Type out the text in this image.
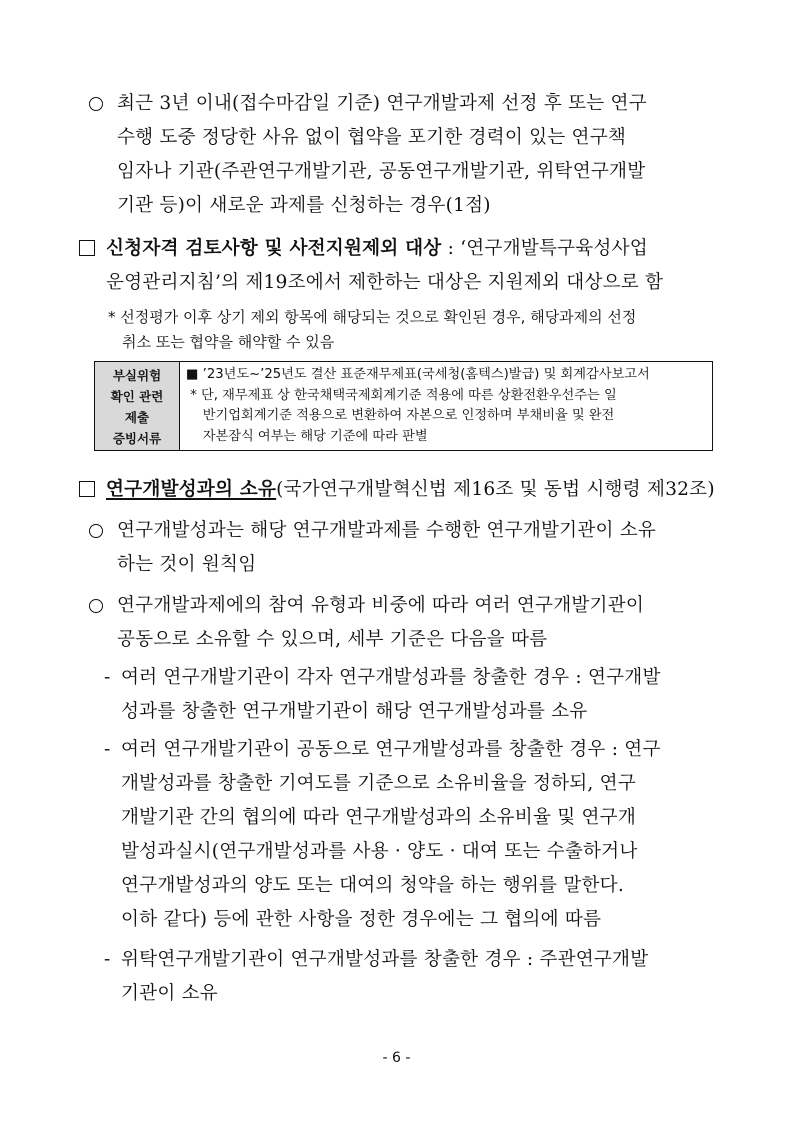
최근 3년 이내(접수마감일 기준) 연구개발과제 선정 후 또는 연구
수행 도중 정당한 사유 없이 협약을 포기한 경력이 있는 연구책
임자나 기관(주관연구개발기관, 공동연구개발기관, 위탁연구개발
기관 등)이 새로운 과제를 신청하는 경우(1점)
신청자격 검토사항 및 사전지원제외 대상 : ‘연구개발특구육성사업
운영관리지침’의 제19조에서 제한하는 대상은 지원제외 대상으로 함
* 선정평가 이후 상기 제외 항목에 해당되는 것으로 확인된 경우, 해당과제의 선정
취소 또는 협약을 해약할 수 있음
부실위험
확인 관련
제출
증빙서류
■ ’23년도~’25년도 결산 표준재무제표(국세청(홈텍스)발급) 및 회계감사보고서
* 단, 재무제표 상 한국채택국제회계기준 적용에 따른 상환전환우선주는 일
반기업회계기준 적용으로 변환하여 자본으로 인정하며 부채비율 및 완전
자본잠식 여부는 해당 기준에 따라 판별
연구개발성과의 소유(국가연구개발혁신법 제16조 및 동법 시행령 제32조)
연구개발성과는 해당 연구개발과제를 수행한 연구개발기관이 소유
하는 것이 원칙임
연구개발과제에의 참여 유형과 비중에 따라 여러 연구개발기관이
공동으로 소유할 수 있으며, 세부 기준은 다음을 따름
- 여러 연구개발기관이 각자 연구개발성과를 창출한 경우 : 연구개발
성과를 창출한 연구개발기관이 해당 연구개발성과를 소유
- 여러 연구개발기관이 공동으로 연구개발성과를 창출한 경우 : 연구
개발성과를 창출한 기여도를 기준으로 소유비율을 정하되, 연구
개발기관 간의 협의에 따라 연구개발성과의 소유비율 및 연구개
발성과실시(연구개발성과를 사용 · 양도 · 대여 또는 수출하거나
연구개발성과의 양도 또는 대여의 청약을 하는 행위를 말한다.
이하 같다) 등에 관한 사항을 정한 경우에는 그 협의에 따름
- 위탁연구개발기관이 연구개발성과를 창출한 경우 : 주관연구개발
기관이 소유
- 6 -
